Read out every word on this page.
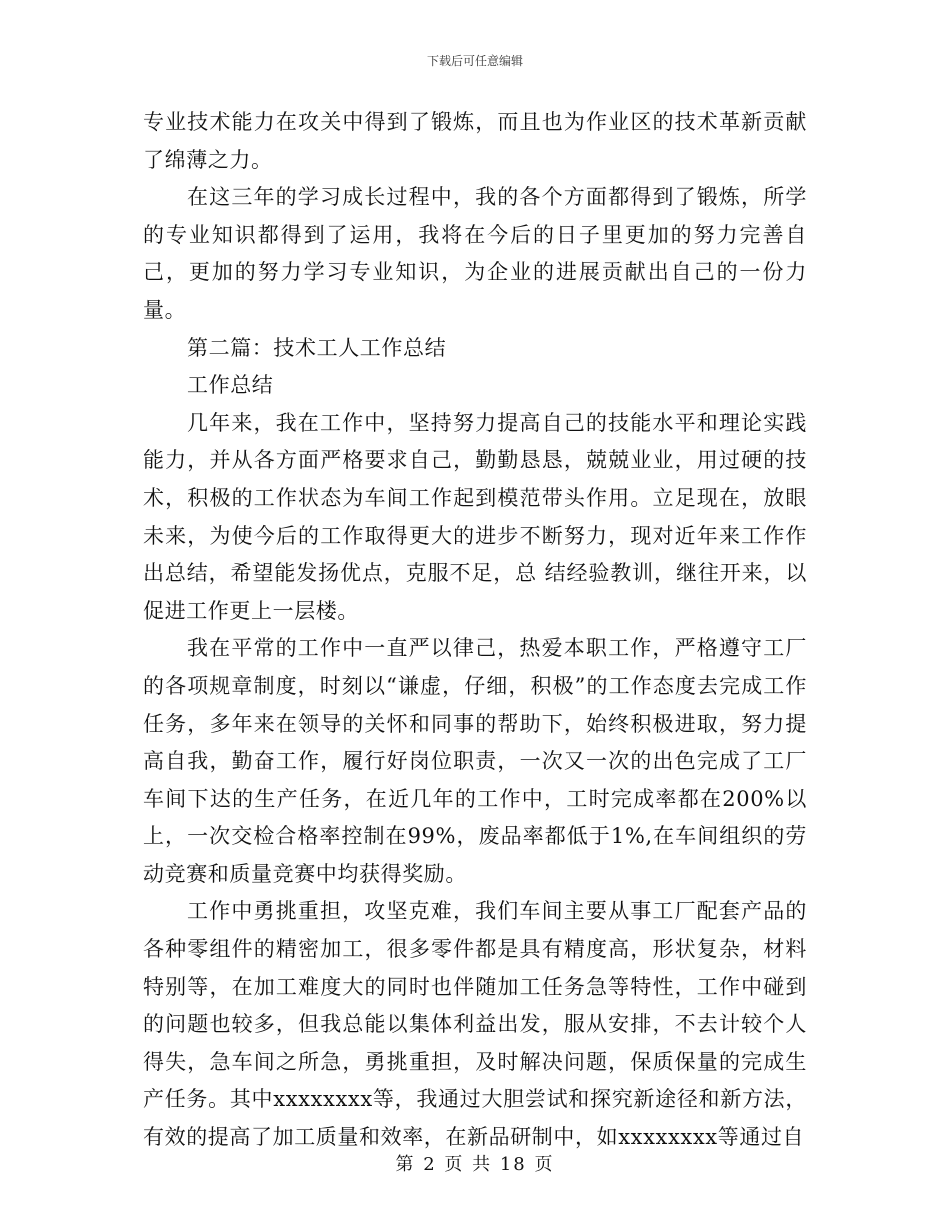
下载后可任意编辑

专业技术能力在攻关中得到了锻炼，而且也为作业区的技术革新贡献了绵薄之力。

在这三年的学习成长过程中，我的各个方面都得到了锻炼，所学的专业知识都得到了运用，我将在今后的日子里更加的努力完善自己，更加的努力学习专业知识，为企业的进展贡献出自己的一份力量。

第二篇：技术工人工作总结

工作总结

几年来，我在工作中，坚持努力提高自己的技能水平和理论实践能力，并从各方面严格要求自己，勤勤恳恳，兢兢业业，用过硬的技术，积极的工作状态为车间工作起到模范带头作用。立足现在，放眼未来，为使今后的工作取得更大的进步不断努力，现对近年来工作作出总结，希望能发扬优点，克服不足，总 结经验教训，继往开来，以促进工作更上一层楼。

我在平常的工作中一直严以律己，热爱本职工作，严格遵守工厂的各项规章制度，时刻以“谦虚，仔细，积极”的工作态度去完成工作任务，多年来在领导的关怀和同事的帮助下，始终积极进取，努力提高自我，勤奋工作，履行好岗位职责，一次又一次的出色完成了工厂车间下达的生产任务，在近几年的工作中，工时完成率都在200%以上，一次交检合格率控制在99%，废品率都低于1%,在车间组织的劳动竞赛和质量竞赛中均获得奖励。

工作中勇挑重担，攻坚克难，我们车间主要从事工厂配套产品的各种零组件的精密加工，很多零件都是具有精度高，形状复杂，材料特别等，在加工难度大的同时也伴随加工任务急等特性，工作中碰到的问题也较多，但我总能以集体利益出发，服从安排，不去计较个人得失，急车间之所急，勇挑重担，及时解决问题，保质保量的完成生产任务。其中xxxxxxxx等，我通过大胆尝试和探究新途径和新方法，有效的提高了加工质量和效率，在新品研制中，如xxxxxxxx等通过自

第 2 页 共 18 页
